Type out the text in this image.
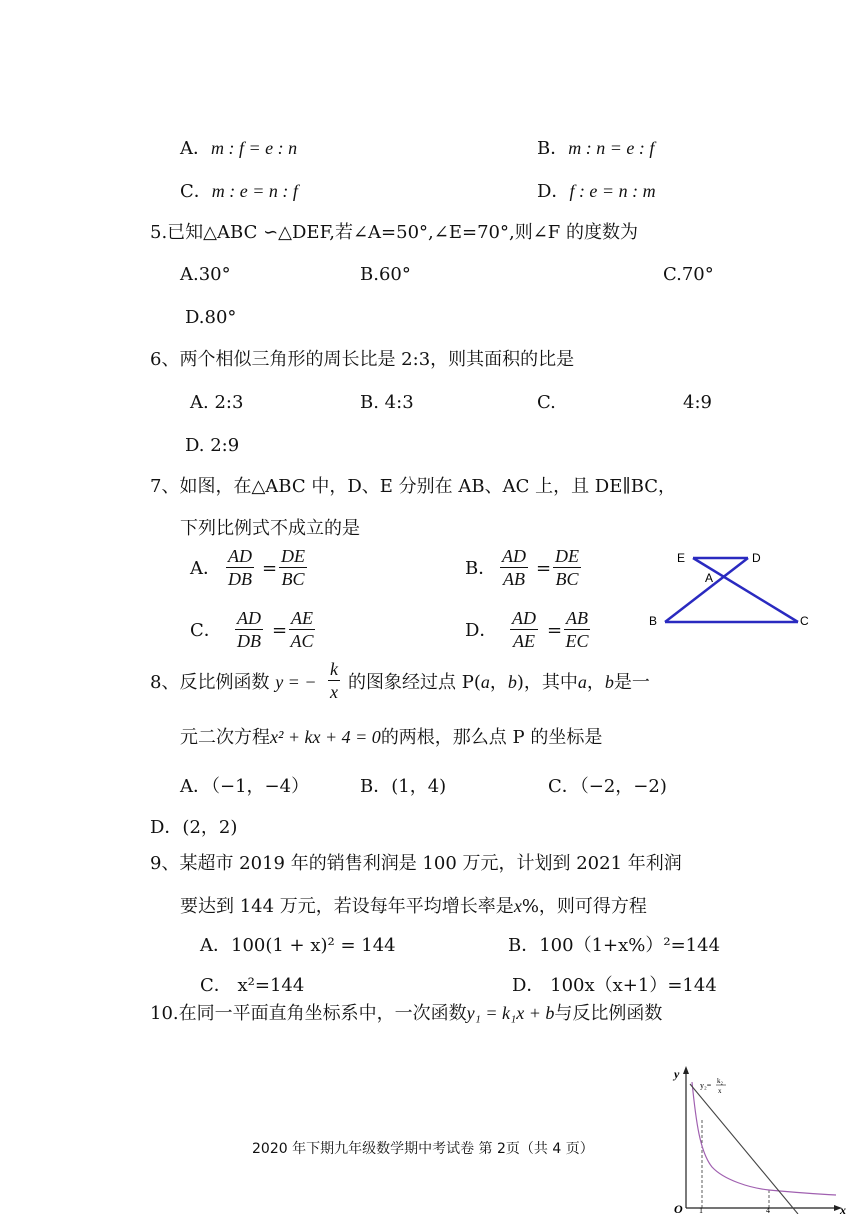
A．m : f = e : n	B．m : n = e : f
C．m : e = n : f	D．f : e = n : m
5.已知△ABC ∽△DEF,若∠A=50°,∠E=70°,则∠F 的度数为
A.30°	B.60°	C.70°
D.80°
6、两个相似三角形的周长比是 2:3，则其面积的比是
A. 2:3	B. 4:3	C.	4:9
D. 2:9
7、如图，在△ABC 中，D、E 分别在 AB、AC 上，且 DE∥BC，
下列比例式不成立的是
A． $\frac{AD}{DB} = \frac{DE}{BC}$	B． $\frac{AD}{AB} = \frac{DE}{BC}$
C． $\frac{AD}{DB} = \frac{AE}{AC}$	D． $\frac{AD}{AE} = \frac{AB}{EC}$
E	D
A
B	C
8、反比例函数 y = − $\frac{k}{x}$ 的图象经过点 P(a，b)，其中a，b是一
元二次方程x² + kx + 4 = 0的两根，那么点 P 的坐标是
A．（−1，−4）	B．(1，4)	C．（−2，−2)
D．(2，2)
9、某超市 2019 年的销售利润是 100 万元，计划到 2021 年利润
要达到 144 万元，若设每年平均增长率是x%，则可得方程
A．100(1 + x)² = 144	B．100（1+x%）²=144
C． x²=144	D． 100x（x+1）=144
10.在同一平面直角坐标系中，一次函数y₁ = k₁x + b与反比例函数
2020 年下期九年级数学期中考试卷 第 2页（共 4 页）
y
x
O 1	4
y₂= k₂
x
